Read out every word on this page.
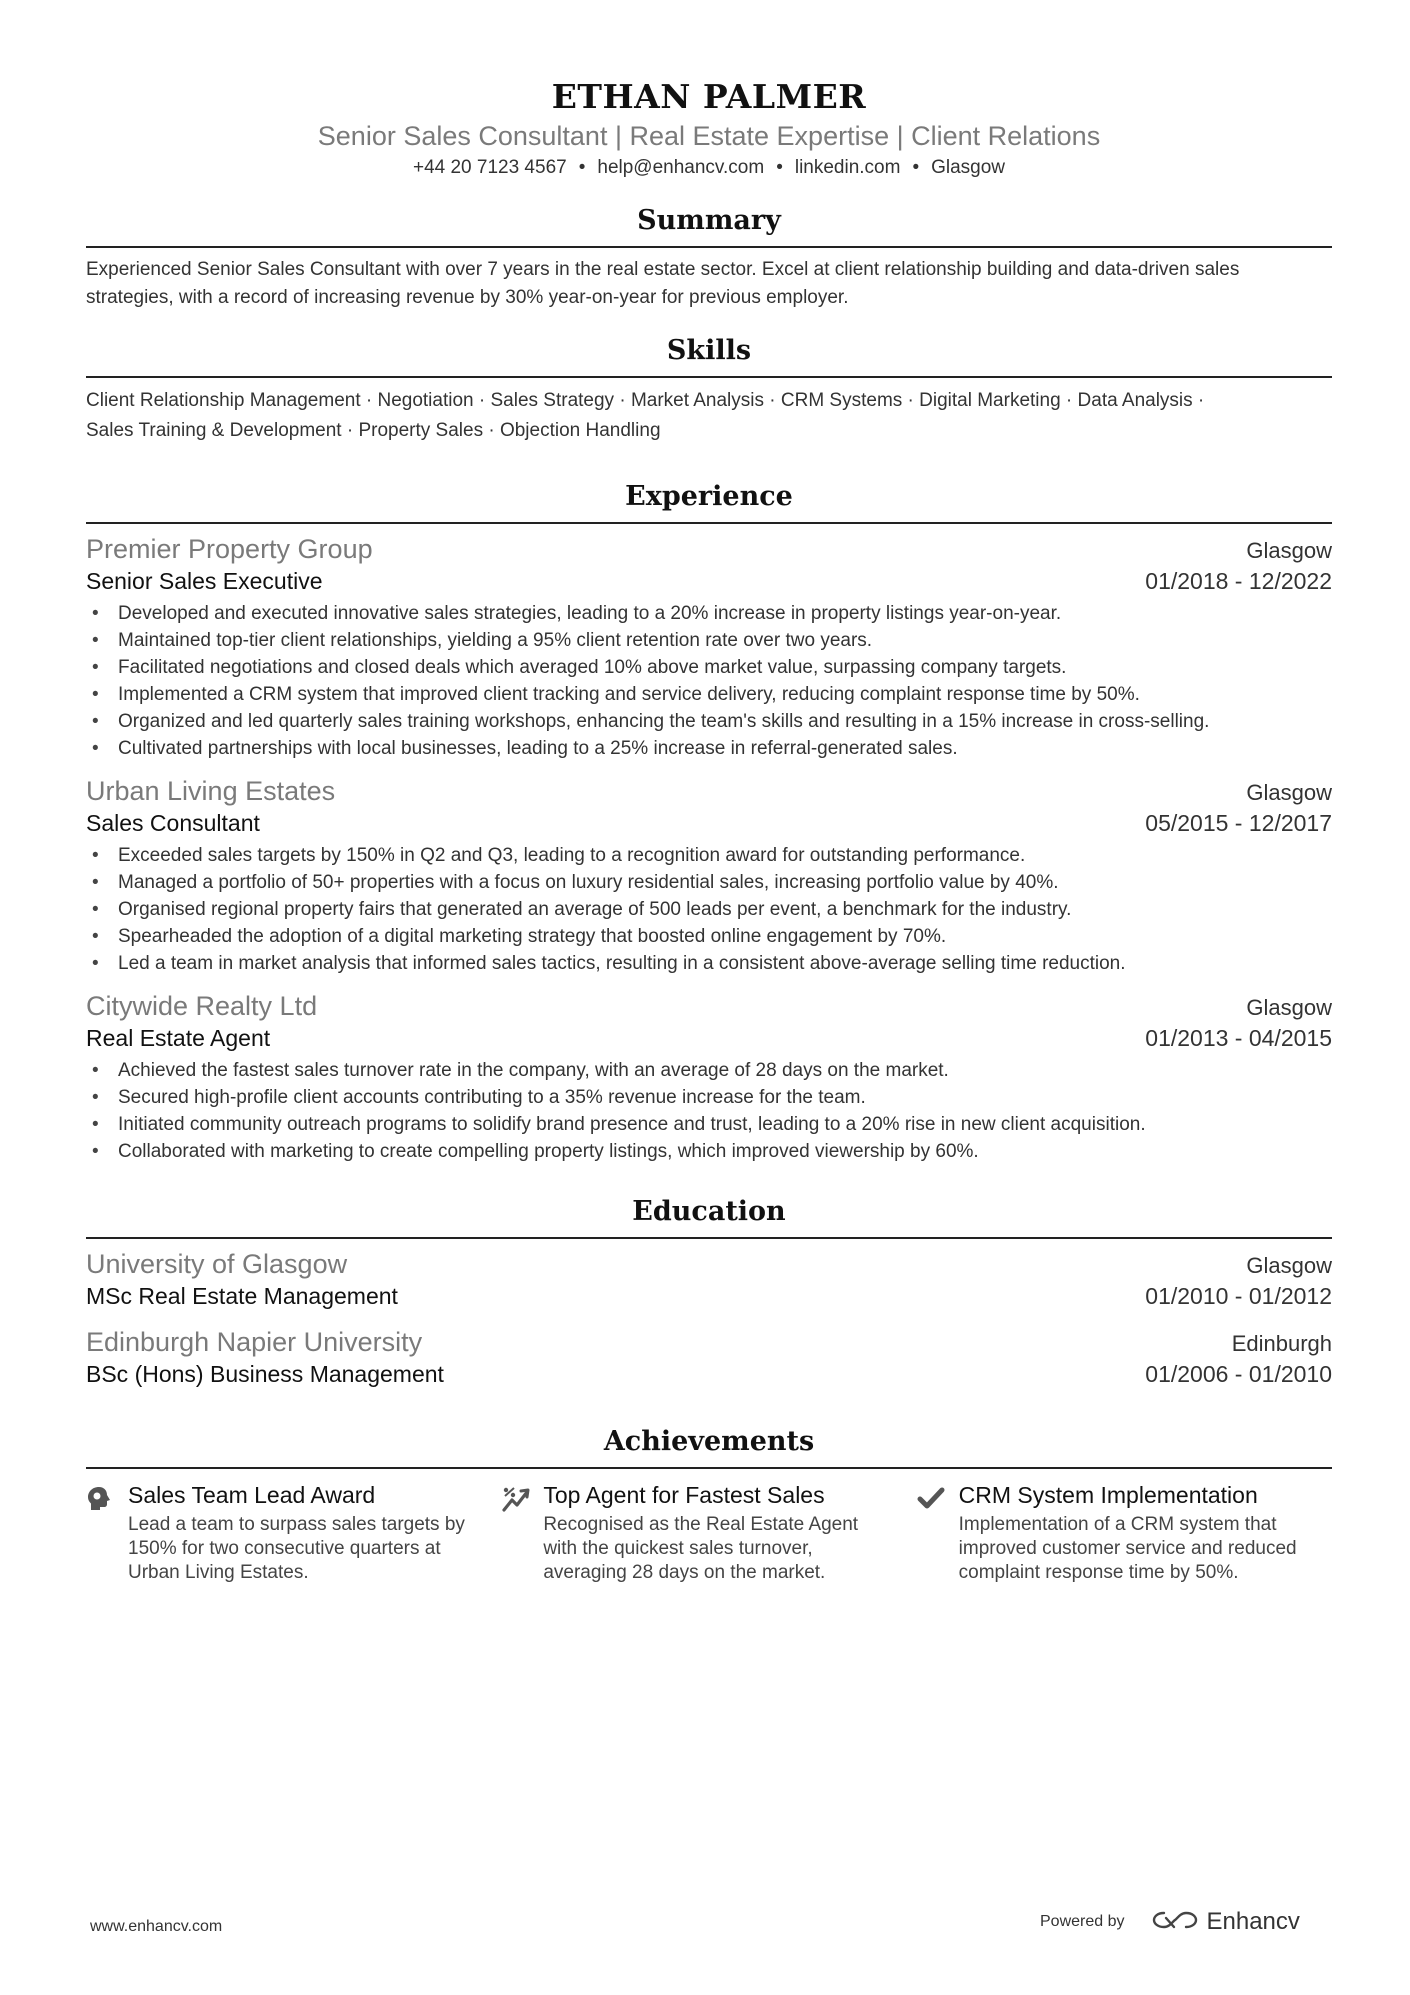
ETHAN PALMER
Senior Sales Consultant | Real Estate Expertise | Client Relations
+44 20 7123 4567 • help@enhancv.com • linkedin.com • Glasgow
Summary
Experienced Senior Sales Consultant with over 7 years in the real estate sector. Excel at client relationship building and data-driven sales strategies, with a record of increasing revenue by 30% year-on-year for previous employer.
Skills
Client Relationship Management · Negotiation · Sales Strategy · Market Analysis · CRM Systems · Digital Marketing · Data Analysis ·
Sales Training & Development · Property Sales · Objection Handling
Experience
Premier Property Group	Glasgow
Senior Sales Executive	01/2018 - 12/2022
• Developed and executed innovative sales strategies, leading to a 20% increase in property listings year-on-year.
• Maintained top-tier client relationships, yielding a 95% client retention rate over two years.
• Facilitated negotiations and closed deals which averaged 10% above market value, surpassing company targets.
• Implemented a CRM system that improved client tracking and service delivery, reducing complaint response time by 50%.
• Organized and led quarterly sales training workshops, enhancing the team's skills and resulting in a 15% increase in cross-selling.
• Cultivated partnerships with local businesses, leading to a 25% increase in referral-generated sales.
Urban Living Estates	Glasgow
Sales Consultant	05/2015 - 12/2017
• Exceeded sales targets by 150% in Q2 and Q3, leading to a recognition award for outstanding performance.
• Managed a portfolio of 50+ properties with a focus on luxury residential sales, increasing portfolio value by 40%.
• Organised regional property fairs that generated an average of 500 leads per event, a benchmark for the industry.
• Spearheaded the adoption of a digital marketing strategy that boosted online engagement by 70%.
• Led a team in market analysis that informed sales tactics, resulting in a consistent above-average selling time reduction.
Citywide Realty Ltd	Glasgow
Real Estate Agent	01/2013 - 04/2015
• Achieved the fastest sales turnover rate in the company, with an average of 28 days on the market.
• Secured high-profile client accounts contributing to a 35% revenue increase for the team.
• Initiated community outreach programs to solidify brand presence and trust, leading to a 20% rise in new client acquisition.
• Collaborated with marketing to create compelling property listings, which improved viewership by 60%.
Education
University of Glasgow	Glasgow
MSc Real Estate Management	01/2010 - 01/2012
Edinburgh Napier University	Edinburgh
BSc (Hons) Business Management	01/2006 - 01/2010
Achievements
Sales Team Lead Award
Lead a team to surpass sales targets by 150% for two consecutive quarters at Urban Living Estates.
Top Agent for Fastest Sales
Recognised as the Real Estate Agent with the quickest sales turnover, averaging 28 days on the market.
CRM System Implementation
Implementation of a CRM system that improved customer service and reduced complaint response time by 50%.
www.enhancv.com	Powered by	Enhancv
